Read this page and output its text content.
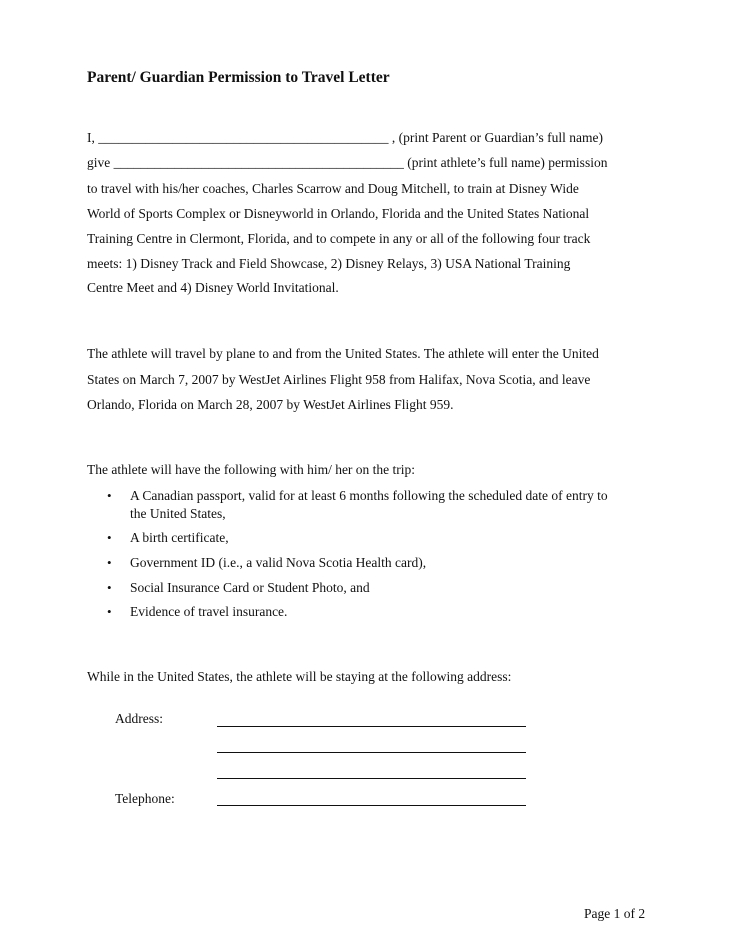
Parent/ Guardian Permission to Travel Letter
I, ___________________________________________ , (print Parent or Guardian’s full name)
give ___________________________________________ (print athlete’s full name) permission
to travel with his/her coaches, Charles Scarrow and Doug Mitchell, to train at Disney Wide
World of Sports Complex or Disneyworld in Orlando, Florida and the United States National
Training Centre in Clermont, Florida, and to compete in any or all of the following four track
meets: 1) Disney Track and Field Showcase, 2) Disney Relays, 3) USA National Training
Centre Meet and 4) Disney World Invitational.
The athlete will travel by plane to and from the United States. The athlete will enter the United
States on March 7, 2007 by WestJet Airlines Flight 958 from Halifax, Nova Scotia, and leave
Orlando, Florida on March 28, 2007 by WestJet Airlines Flight 959.
The athlete will have the following with him/ her on the trip:
• A Canadian passport, valid for at least 6 months following the scheduled date of entry to
the United States,
• A birth certificate,
• Government ID (i.e., a valid Nova Scotia Health card),
• Social Insurance Card or Student Photo, and
• Evidence of travel insurance.
While in the United States, the athlete will be staying at the following address:
Address:
Telephone:
Page 1 of 2
